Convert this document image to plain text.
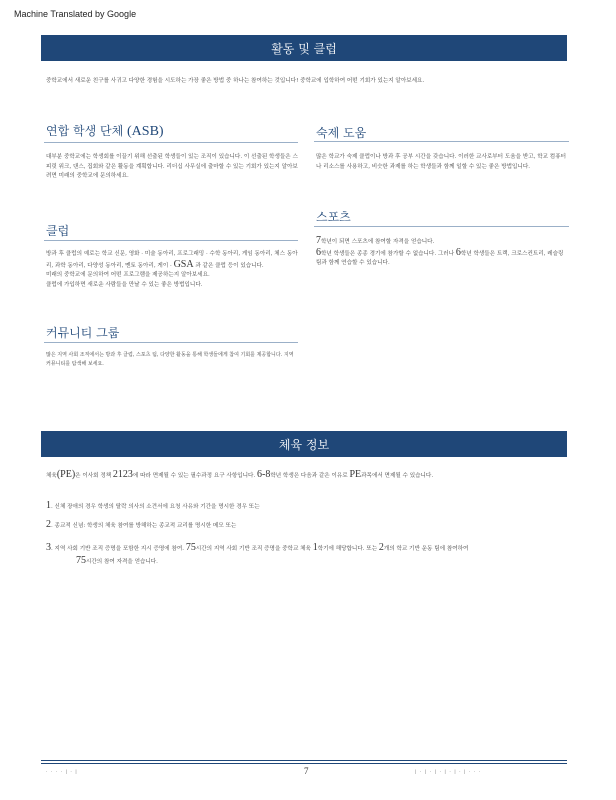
Machine Translated by Google
활동 및 클럽
중학교에서 새로운 친구를 사귀고 다양한 경험을 시도하는 가장 좋은 방법 중 하나는 참여하는 것입니다! 중학교에 입학하여 어떤 기회가 있는지 알아보세요.
연합 학생 단체 (ASB)
대부분 중학교에는 학생회를 이끌기 위해 선출된 학생들이 있는 조직이 있습니다. 이 선출된 학생들은 스피릿 위크, 댄스, 집회와 같은 활동을 계획합니다. 리더십 사무실에 출마할 수 있는 기회가 있는지 알아보려면 미래의 중학교에 문의하세요.
숙제 도움
많은 학교가 숙제 클럽이나 방과 후 공부 시간을 갖습니다. 이러한 교사로부터 도움을 받고, 학교 컴퓨터나 리소스를 사용하고, 비슷한 과제를 하는 학생들과 함께 일할 수 있는 좋은 방법입니다.
클럽
방과 후 클럽의 예로는 학교 신문, 영화 · 미술 동아리, 프로그래밍 · 수학 동아리, 게임 동아리, 체스 동아리, 과학 동아리, 다양성 동아리, 멘토 동아리, 게이 · GSA 과 같은 클럽 등이 있습니다.
미래의 중학교에 문의하여 어떤 프로그램을 제공하는지 알아보세요.
클럽에 가입하면 새로운 사람들을 만날 수 있는 좋은 방법입니다.
스포츠
7학년이 되면 스포츠에 참여할 자격을 얻습니다.
6학년 학생들은 종종 경기에 참가할 수 없습니다. 그러나 6학년 학생들은 트랙, 크로스컨트리, 레슬링 팀과 함께 연습할 수 있습니다.
커뮤니티 그룹
많은 지역 사회 조직에서는 방과 후 클럽, 스포츠 팀, 다양한 활동을 통해 학생들에게 참여 기회를 제공합니다. 지역 커뮤니티를 탐색해 보세요.
체육 정보
체육(PE)은 이사회 정책 2123에 따라 면제될 수 있는 필수과정 요구 사항입니다. 6-8학년 학생은 다음과 같은 이유로 PE과목에서 면제될 수 있습니다.
1. 신체 장애의 경우 학생의 탈락 의사의 소견서에 요청 사유와 기간을 명시한 경우 또는
2. 종교적 신념: 학생의 체육 참여를 방해하는 종교적 교리를 명시한 메모 또는
3. 지역 사회 기반 조직 증명을 포함한 지시 증명에 참여. 75시간의 지역 사회 기반 조직 증명을 중학교 체육 1학기에 해당합니다. 또는 2개의 학교 기반 운동 팀에 참여하여
75시간의 참여 자격을 얻습니다.
· · · · | · |	7	| · | · | · | · | · | · · ·
